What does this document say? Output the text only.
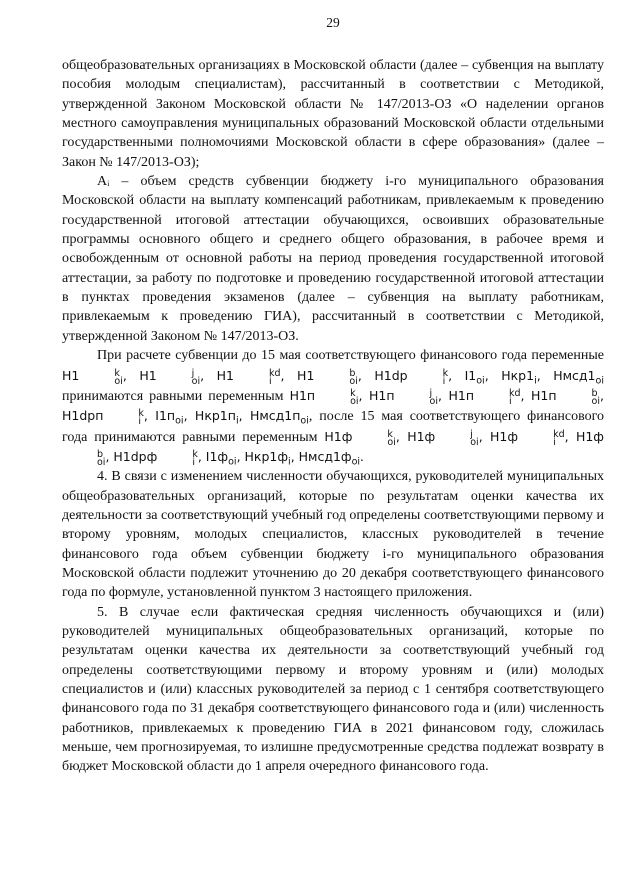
29

общеобразовательных организациях в Московской области (далее – субвенция на выплату пособия молодым специалистам), рассчитанный в соответствии с Методикой, утвержденной Законом Московской области № 147/2013-ОЗ «О наделении органов местного самоуправления муниципальных образований Московской области отдельными государственными полномочиями Московской области в сфере образования» (далее – Закон № 147/2013-ОЗ);

Aᵢ – объем средств субвенции бюджету i-го муниципального образования Московской области на выплату компенсаций работникам, привлекаемым к проведению государственной итоговой аттестации обучающихся, освоивших образовательные программы основного общего и среднего общего образования, в рабочее время и освобожденным от основной работы на период проведения государственной итоговой аттестации, за работу по подготовке и проведению государственной итоговой аттестации в пунктах проведения экзаменов (далее – субвенция на выплату работникам, привлекаемым к проведению ГИА), рассчитанный в соответствии с Методикой, утвержденной Законом № 147/2013-ОЗ.

При расчете субвенции до 15 мая соответствующего финансового года переменные H1	k
oi , H1	j
oi , H1	kd
i , H1	b
oi , H1dp	k
i , $I1_{oi}$, $Hкр1_i$, $Hмсд1_{oi}$ принимаются равными переменным H1п	k
oi , H1п	j
oi , H1п	kd
i , H1п	b
oi , H1dpп	k
i , $I1п_{oi}$, $Hкр1п_i$, $Hмсд1п_{oi}$, после 15 мая соответствующего финансового года принимаются равными переменным H1ф	k
oi , H1ф	j
oi , H1ф	kd
i , H1ф
b
oi , H1dpф	k
i , $I1ф_{oi}$, $Hкр1ф_i$, $Hмсд1ф_{oi}$.

4. В связи с изменением численности обучающихся, руководителей муниципальных общеобразовательных организаций, которые по результатам оценки качества их деятельности за соответствующий учебный год определены соответствующими первому и второму уровням, молодых специалистов, классных руководителей в течение финансового года объем субвенции бюджету i-го муниципального образования Московской области подлежит уточнению до 20 декабря соответствующего финансового года по формуле, установленной пунктом 3 настоящего приложения.

5. В случае если фактическая средняя численность обучающихся и (или) руководителей муниципальных общеобразовательных организаций, которые по результатам оценки качества их деятельности за соответствующий учебный год определены соответствующими первому и второму уровням и (или) молодых специалистов и (или) классных руководителей за период с 1 сентября соответствующего финансового года по 31 декабря соответствующего финансового года и (или) численность работников, привлекаемых к проведению ГИА в 2021 финансовом году, сложилась меньше, чем прогнозируемая, то излишне предусмотренные средства подлежат возврату в бюджет Московской области до 1 апреля очередного финансового года.
